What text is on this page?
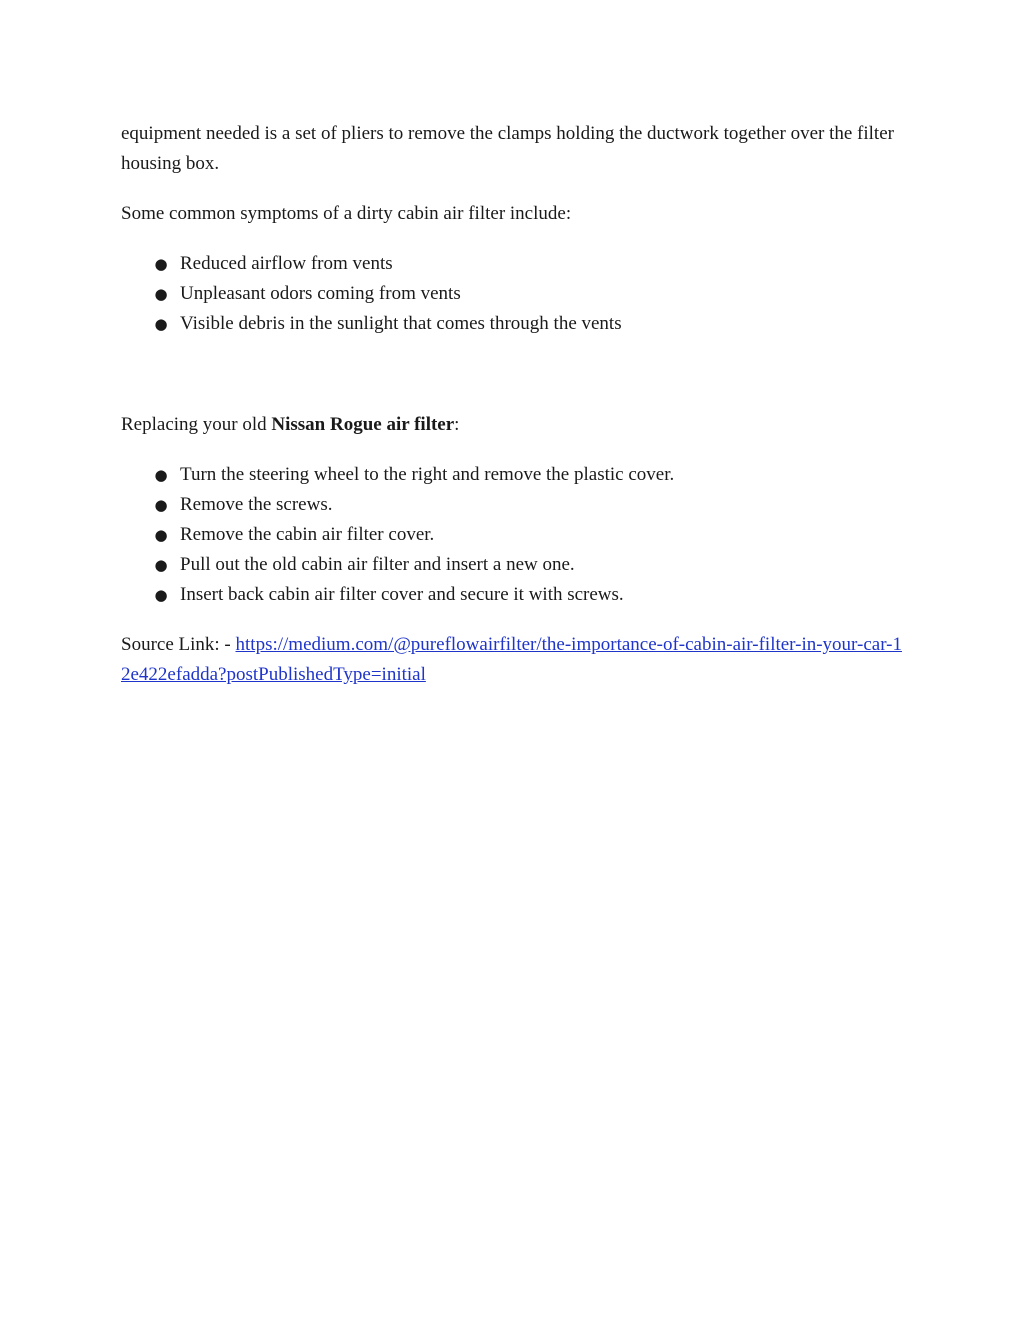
equipment needed is a set of pliers to remove the clamps holding the ductwork together over the filter housing box.

Some common symptoms of a dirty cabin air filter include:

● Reduced airflow from vents
● Unpleasant odors coming from vents
● Visible debris in the sunlight that comes through the vents

Replacing your old Nissan Rogue air filter:

● Turn the steering wheel to the right and remove the plastic cover.
● Remove the screws.
● Remove the cabin air filter cover.
● Pull out the old cabin air filter and insert a new one.
● Insert back cabin air filter cover and secure it with screws.

Source Link: - https://medium.com/@pureflowairfilter/the-importance-of-cabin-air-filter-in-your-car-12e422efadda?postPublishedType=initial
